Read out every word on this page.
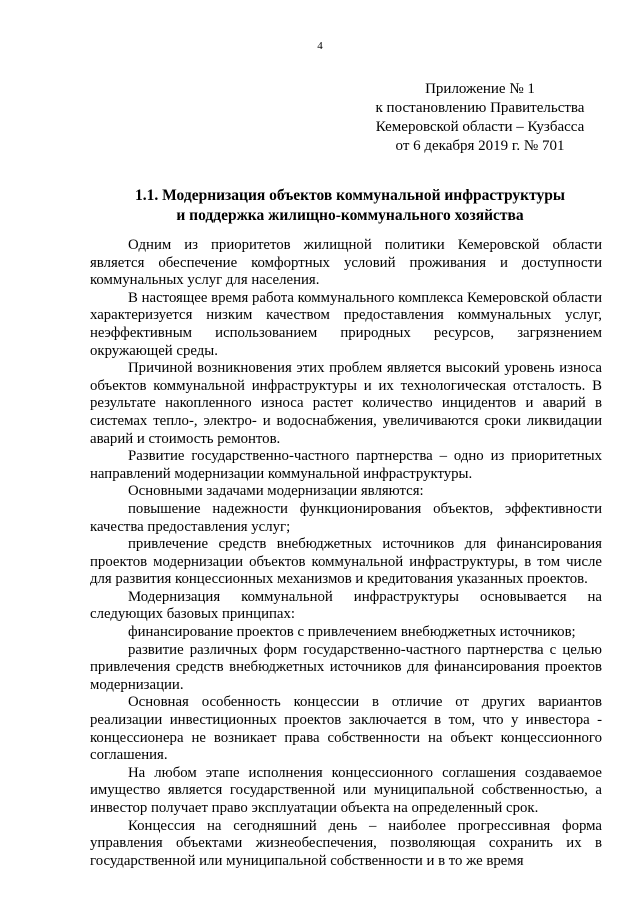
4
Приложение № 1
к постановлению Правительства
Кемеровской области – Кузбасса
от 6 декабря 2019 г. № 701
1.1. Модернизация объектов коммунальной инфраструктуры
и поддержка жилищно-коммунального хозяйства

Одним из приоритетов жилищной политики Кемеровской области является обеспечение комфортных условий проживания и доступности коммунальных услуг для населения.

В настоящее время работа коммунального комплекса Кемеровской области характеризуется низким качеством предоставления коммунальных услуг, неэффективным использованием природных ресурсов, загрязнением окружающей среды.

Причиной возникновения этих проблем является высокий уровень износа объектов коммунальной инфраструктуры и их технологическая отсталость. В результате накопленного износа растет количество инцидентов и аварий в системах тепло-, электро- и водоснабжения, увеличиваются сроки ликвидации аварий и стоимость ремонтов.

Развитие государственно-частного партнерства – одно из приоритетных направлений модернизации коммунальной инфраструктуры.

Основными задачами модернизации являются:

повышение надежности функционирования объектов, эффективности качества предоставления услуг;

привлечение средств внебюджетных источников для финансирования проектов модернизации объектов коммунальной инфраструктуры, в том числе для развития концессионных механизмов и кредитования указанных проектов.

Модернизация коммунальной инфраструктуры основывается на следующих базовых принципах:

финансирование проектов с привлечением внебюджетных источников;

развитие различных форм государственно-частного партнерства с целью привлечения средств внебюджетных источников для финансирования проектов модернизации.

Основная особенность концессии в отличие от других вариантов реализации инвестиционных проектов заключается в том, что у инвестора - концессионера не возникает права собственности на объект концессионного соглашения.

На любом этапе исполнения концессионного соглашения создаваемое имущество является государственной или муниципальной собственностью, а инвестор получает право эксплуатации объекта на определенный срок.

Концессия на сегодняшний день – наиболее прогрессивная форма управления объектами жизнеобеспечения, позволяющая сохранить их в государственной или муниципальной собственности и в то же время
